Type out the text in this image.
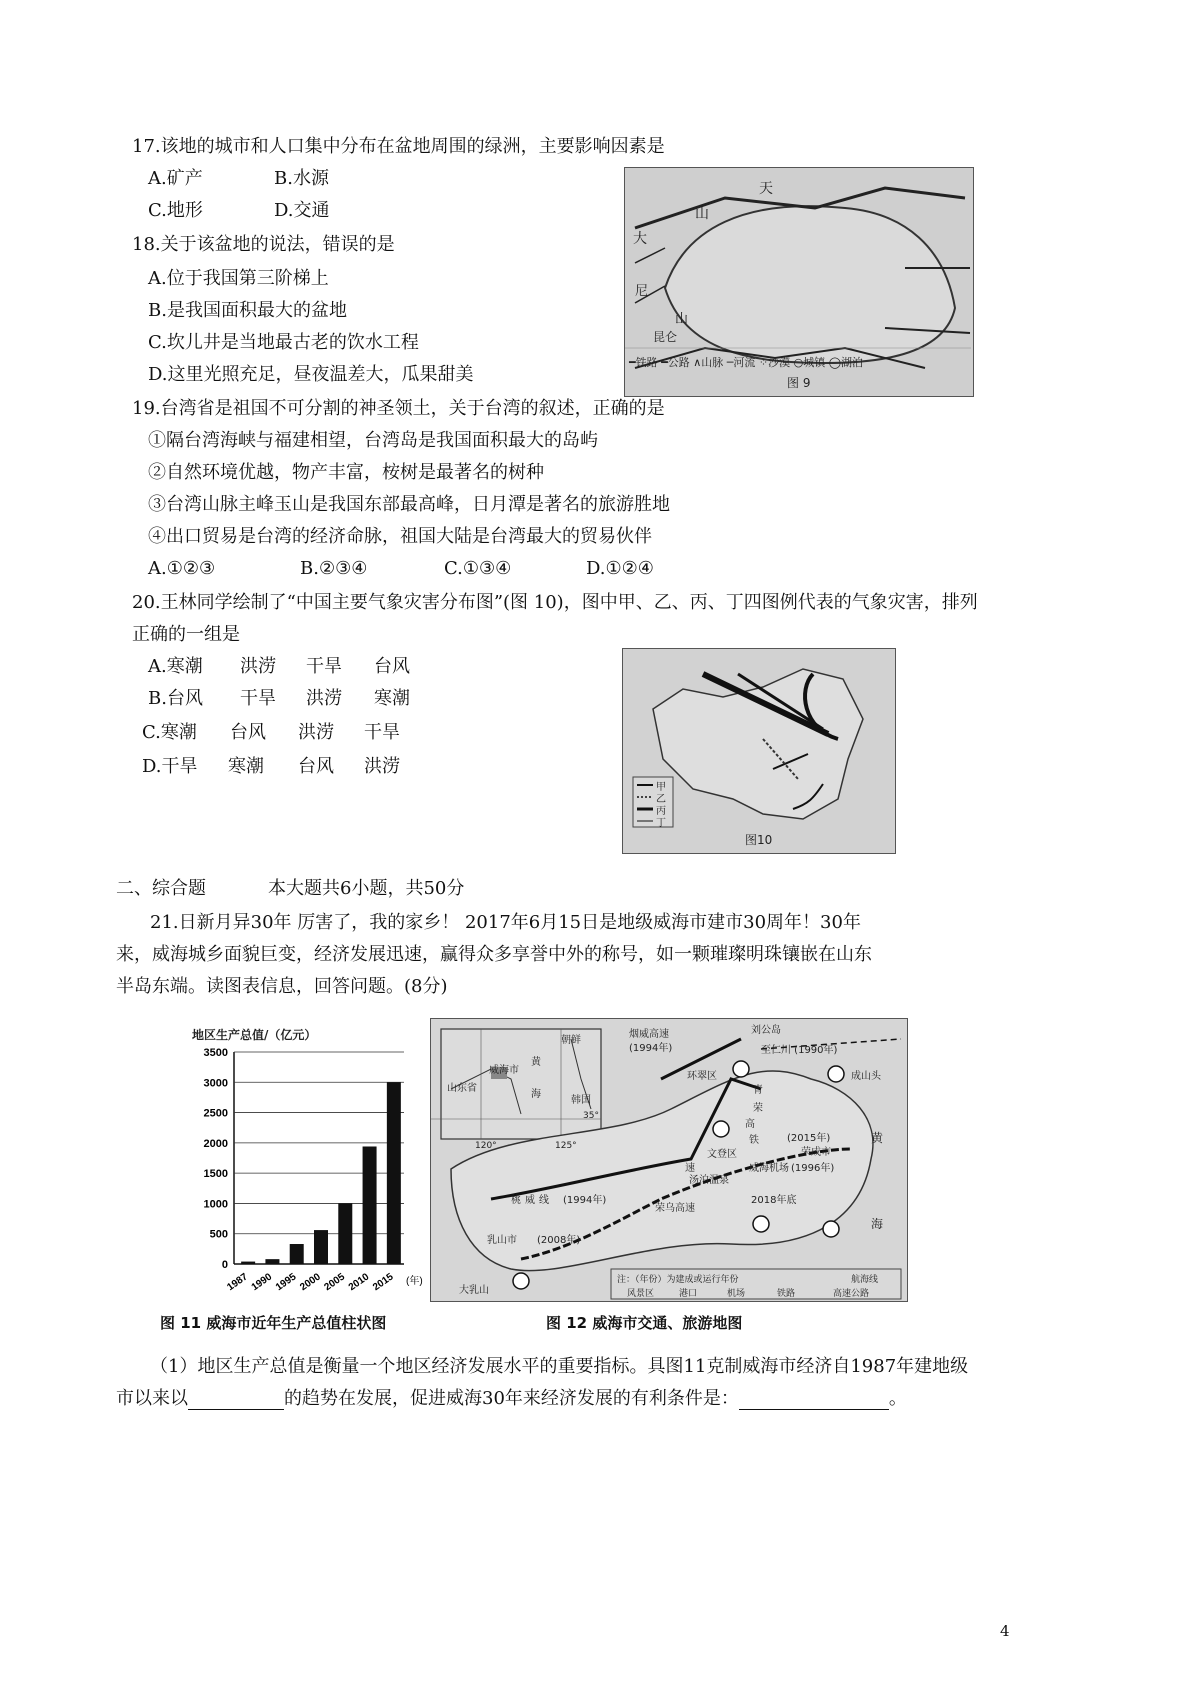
17.该地的城市和人口集中分布在盆地周围的绿洲，主要影响因素是
A.矿产	B.水源
C.地形	D.交通
18.关于该盆地的说法，错误的是
A.位于我国第三阶梯上
B.是我国面积最大的盆地
C.坎儿井是当地最古老的饮水工程
D.这里光照充足，昼夜温差大，瓜果甜美
天
山
大
昆仑
尼
山
━铁路 ━公路 ∧山脉 ─河流 ⁘沙漠 ○城镇 ◯湖泊
图 9
19.台湾省是祖国不可分割的神圣领土，关于台湾的叙述，正确的是
①隔台湾海峡与福建相望，台湾岛是我国面积最大的岛屿
②自然环境优越，物产丰富，桉树是最著名的树种
③台湾山脉主峰玉山是我国东部最高峰，日月潭是著名的旅游胜地
④出口贸易是台湾的经济命脉，祖国大陆是台湾最大的贸易伙伴
A.①②③	B.②③④	C.①③④	D.①②④
20.王林同学绘制了“中国主要气象灾害分布图”(图 10)，图中甲、乙、丙、丁四图例代表的气象灾害，排列
正确的一组是
A.寒潮 洪涝 干旱 台风
B.台风 干旱 洪涝 寒潮
C.寒潮 台风 洪涝 干旱
D.干旱 寒潮 台风 洪涝
甲
乙
丙
丁
图10
二、综合题	本大题共6小题，共50分
21.日新月异30年 厉害了，我的家乡！ 2017年6月15日是地级威海市建市30周年！30年
来，威海城乡面貌巨变，经济发展迅速，赢得众多享誉中外的称号，如一颗璀璨明珠镶嵌在山东
半岛东端。读图表信息，回答问题。(8分)
地区生产总值/（亿元）
3500
3000
2500
2000
1500
1000
500
0
1987 1990 1995 2000 2005 2010 2015 (年)
图 11 威海市近年生产总值柱状图
朝鲜
韩国
山东省
威海市
黄
海
35°
120°	125°
烟威高速
(1994年)
刘公岛
至仁川 (1990年)
环翠区	成山头
青
荣
高
铁	(2015年)
荣成市
文登区
威海机场 (1996年)
速
汤泊温泉
桃 威 线 (1994年)
荣乌高速
2018年底
乳山市 (2008年)
大乳山
黄
海
注：（年份）为建成或运行年份
风景区	港口	机场	铁路	高速公路
航海线
图 12 威海市交通、旅游地图
（1）地区生产总值是衡量一个地区经济发展水平的重要指标。具图11克制威海市经济自1987年建地级
市以来以	的趋势在发展，促进威海30年来经济发展的有利条件是：	。
4
